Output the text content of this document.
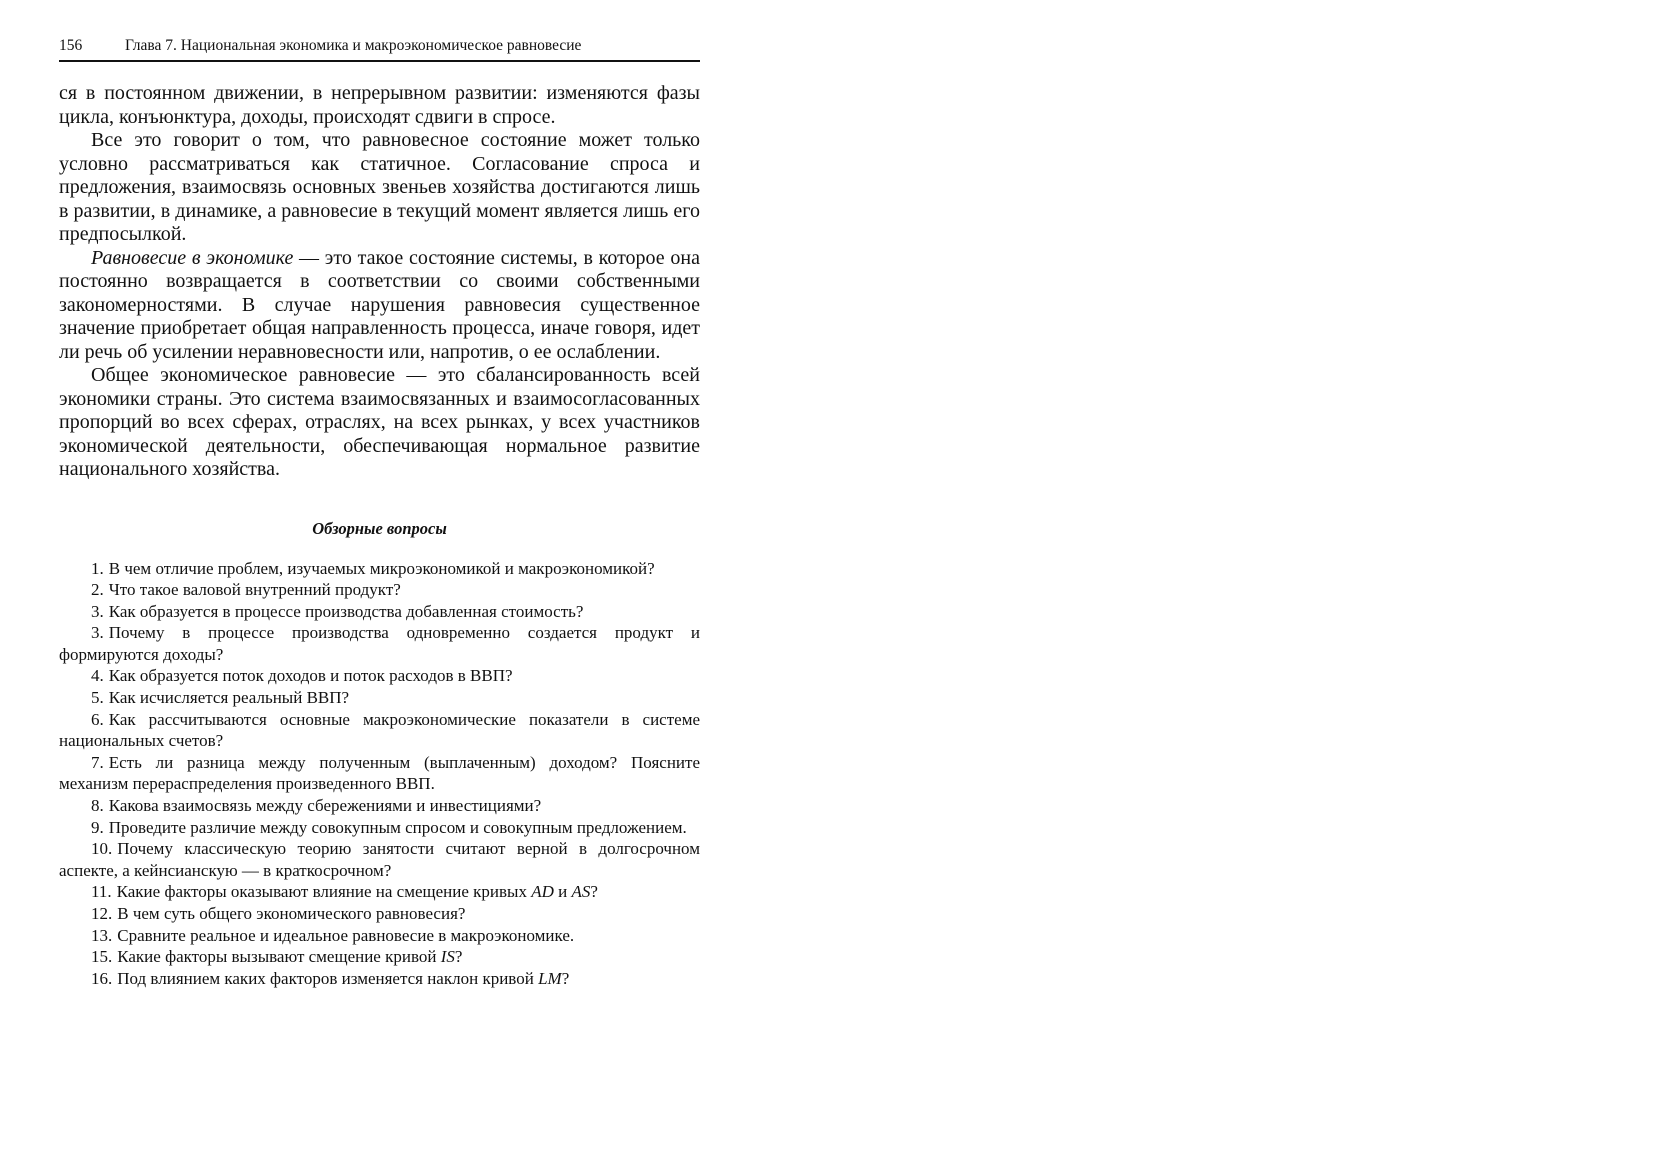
156	Глава 7. Национальная экономика и макроэкономическое равновесие

ся в постоянном движении, в непрерывном развитии: изменяются фазы цикла, конъюнктура, доходы, происходят сдвиги в спросе.

Все это говорит о том, что равновесное состояние может только условно рассматриваться как статичное. Согласование спроса и предложения, взаимосвязь основных звеньев хозяйства достигаются лишь в развитии, в динамике, а равновесие в текущий момент является лишь его предпосылкой.

Равновесие в экономике — это такое состояние системы, в которое она постоянно возвращается в соответствии со своими собственными закономерностями. В случае нарушения равновесия существенное значение приобретает общая направленность процесса, иначе говоря, идет ли речь об усилении неравновесности или, напротив, о ее ослаблении.

Общее экономическое равновесие — это сбалансированность всей экономики страны. Это система взаимосвязанных и взаимосогласованных пропорций во всех сферах, отраслях, на всех рынках, у всех участников экономической деятельности, обеспечивающая нормальное развитие национального хозяйства.

Обзорные вопросы
1. В чем отличие проблем, изучаемых микроэкономикой и макроэкономикой?
2. Что такое валовой внутренний продукт?
3. Как образуется в процессе производства добавленная стоимость?
3. Почему в процессе производства одновременно создается продукт и формируются доходы?
4. Как образуется поток доходов и поток расходов в ВВП?
5. Как исчисляется реальный ВВП?
6. Как рассчитываются основные макроэкономические показатели в системе национальных счетов?
7. Есть ли разница между полученным (выплаченным) доходом? Поясните механизм перераспределения произведенного ВВП.
8. Какова взаимосвязь между сбережениями и инвестициями?
9. Проведите различие между совокупным спросом и совокупным предложением.
10. Почему классическую теорию занятости считают верной в долгосрочном аспекте, а кейнсианскую — в краткосрочном?
11. Какие факторы оказывают влияние на смещение кривых AD и AS?
12. В чем суть общего экономического равновесия?
13. Сравните реальное и идеальное равновесие в макроэкономике.
15. Какие факторы вызывают смещение кривой IS?
16. Под влиянием каких факторов изменяется наклон кривой LM?
